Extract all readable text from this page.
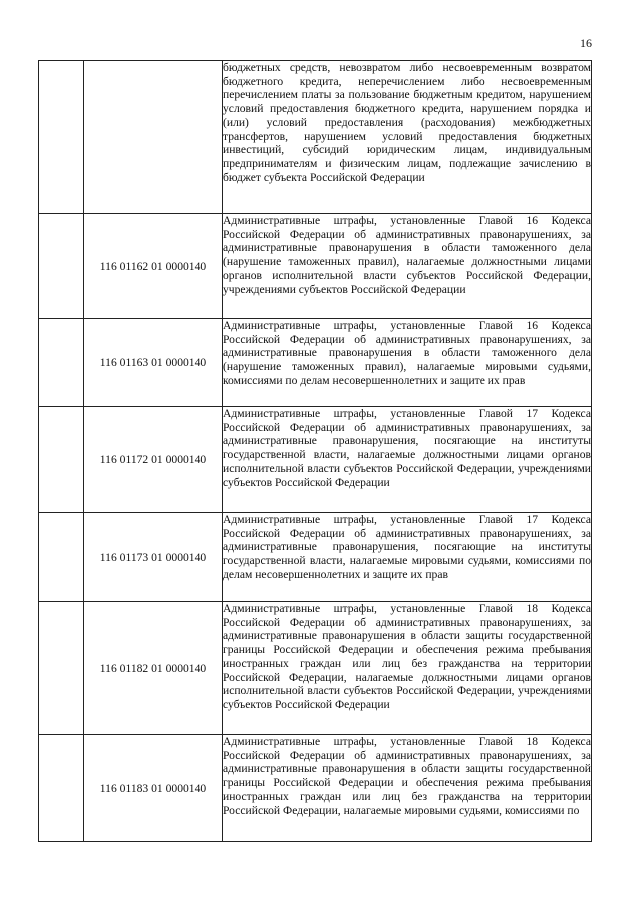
16

		бюджетных средств, невозвратом либо несвоевременным возвратом бюджетного кредита, неперечислением либо несвоевременным перечислением платы за пользование бюджетным кредитом, нарушением условий предоставления бюджетного кредита, нарушением порядка и (или) условий предоставления (расходования) межбюджетных трансфертов, нарушением условий предоставления бюджетных инвестиций, субсидий юридическим лицам, индивидуальным предпринимателям и физическим лицам, подлежащие зачислению в бюджет субъекта Российской Федерации

	116 01162 01 0000140	Административные штрафы, установленные Главой 16 Кодекса Российской Федерации об административных правонарушениях, за административные правонарушения в области таможенного дела (нарушение таможенных правил), налагаемые должностными лицами органов исполнительной власти субъектов Российской Федерации, учреждениями субъектов Российской Федерации

	116 01163 01 0000140	Административные штрафы, установленные Главой 16 Кодекса Российской Федерации об административных правонарушениях, за административные правонарушения в области таможенного дела (нарушение таможенных правил), налагаемые мировыми судьями, комиссиями по делам несовершеннолетних и защите их прав

	116 01172 01 0000140	Административные штрафы, установленные Главой 17 Кодекса Российской Федерации об административных правонарушениях, за административные правонарушения, посягающие на институты государственной власти, налагаемые должностными лицами органов исполнительной власти субъектов Российской Федерации, учреждениями субъектов Российской Федерации

	116 01173 01 0000140	Административные штрафы, установленные Главой 17 Кодекса Российской Федерации об административных правонарушениях, за административные правонарушения, посягающие на институты государственной власти, налагаемые мировыми судьями, комиссиями по делам несовершеннолетних и защите их прав

	116 01182 01 0000140	Административные штрафы, установленные Главой 18 Кодекса Российской Федерации об административных правонарушениях, за административные правонарушения в области защиты государственной границы Российской Федерации и обеспечения режима пребывания иностранных граждан или лиц без гражданства на территории Российской Федерации, налагаемые должностными лицами органов исполнительной власти субъектов Российской Федерации, учреждениями субъектов Российской Федерации

	116 01183 01 0000140	Административные штрафы, установленные Главой 18 Кодекса Российской Федерации об административных правонарушениях, за административные правонарушения в области защиты государственной границы Российской Федерации и обеспечения режима пребывания иностранных граждан или лиц без гражданства на территории Российской Федерации, налагаемые мировыми судьями, комиссиями по
